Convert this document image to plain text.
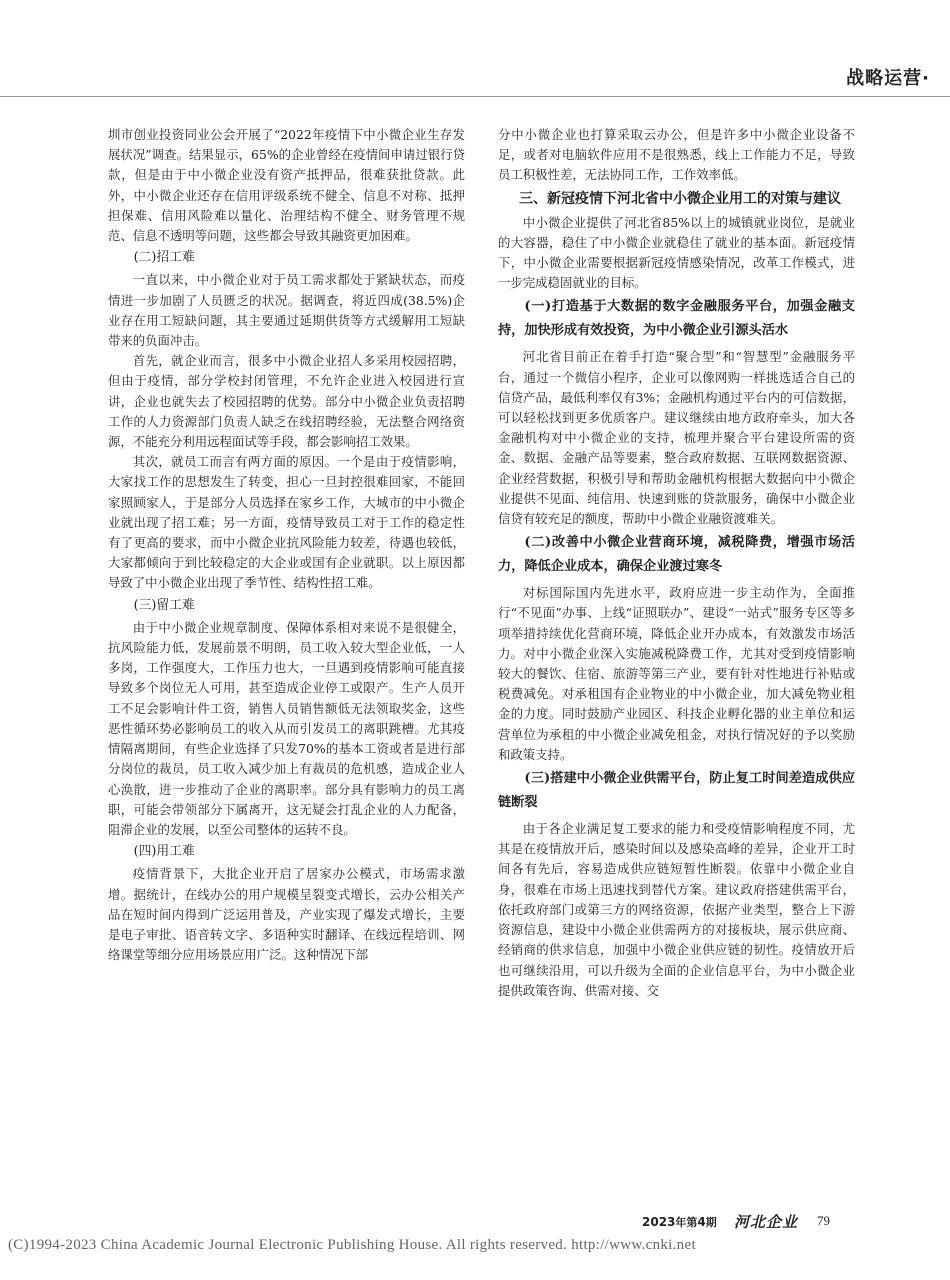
战略运营·

圳市创业投资同业公会开展了“2022年疫情下中小微企业生存发展状况”调查。结果显示，65%的企业曾经在疫情间申请过银行贷款，但是由于中小微企业没有资产抵押品，很难获批贷款。此外，中小微企业还存在信用评级系统不健全、信息不对称、抵押担保难、信用风险难以量化、治理结构不健全、财务管理不规范、信息不透明等问题，这些都会导致其融资更加困难。

(二)招工难

一直以来，中小微企业对于员工需求都处于紧缺状态，而疫情进一步加剧了人员匮乏的状况。据调查，将近四成(38.5%)企业存在用工短缺问题，其主要通过延期供货等方式缓解用工短缺带来的负面冲击。

首先，就企业而言，很多中小微企业招人多采用校园招聘，但由于疫情，部分学校封闭管理，不允许企业进入校园进行宣讲，企业也就失去了校园招聘的优势。部分中小微企业负责招聘工作的人力资源部门负责人缺乏在线招聘经验，无法整合网络资源，不能充分利用远程面试等手段，都会影响招工效果。

其次，就员工而言有两方面的原因。一个是由于疫情影响，大家找工作的思想发生了转变，担心一旦封控很难回家，不能回家照顾家人，于是部分人员选择在家乡工作，大城市的中小微企业就出现了招工难；另一方面，疫情导致员工对于工作的稳定性有了更高的要求，而中小微企业抗风险能力较差，待遇也较低，大家都倾向于到比较稳定的大企业或国有企业就职。以上原因都导致了中小微企业出现了季节性、结构性招工难。

(三)留工难

由于中小微企业规章制度、保障体系相对来说不是很健全，抗风险能力低，发展前景不明朗，员工收入较大型企业低，一人多岗，工作强度大，工作压力也大，一旦遇到疫情影响可能直接导致多个岗位无人可用，甚至造成企业停工或限产。生产人员开工不足会影响计件工资，销售人员销售额低无法领取奖金，这些恶性循环势必影响员工的收入从而引发员工的离职跳槽。尤其疫情隔离期间，有些企业选择了只发70%的基本工资或者是进行部分岗位的裁员，员工收入减少加上有裁员的危机感，造成企业人心涣散，进一步推动了企业的离职率。部分具有影响力的员工离职，可能会带领部分下属离开，这无疑会打乱企业的人力配备，阻滞企业的发展，以至公司整体的运转不良。

(四)用工难

疫情背景下，大批企业开启了居家办公模式，市场需求激增。据统计，在线办公的用户规模呈裂变式增长，云办公相关产品在短时间内得到广泛运用普及，产业实现了爆发式增长，主要是电子审批、语音转文字、多语种实时翻译、在线远程培训、网络课堂等细分应用场景应用广泛。这种情况下部

分中小微企业也打算采取云办公，但是许多中小微企业设备不足，或者对电脑软件应用不是很熟悉，线上工作能力不足，导致员工积极性差，无法协同工作，工作效率低。

三、新冠疫情下河北省中小微企业用工的对策与建议

中小微企业提供了河北省85%以上的城镇就业岗位，是就业的大容器，稳住了中小微企业就稳住了就业的基本面。新冠疫情下，中小微企业需要根据新冠疫情感染情况，改革工作模式，进一步完成稳固就业的目标。

(一)打造基于大数据的数字金融服务平台，加强金融支持，加快形成有效投资，为中小微企业引源头活水

河北省目前正在着手打造“聚合型”和“智慧型”金融服务平台，通过一个微信小程序，企业可以像网购一样挑选适合自己的信贷产品，最低利率仅有3%；金融机构通过平台内的可信数据，可以轻松找到更多优质客户。建议继续由地方政府牵头，加大各金融机构对中小微企业的支持，梳理并聚合平台建设所需的资金、数据、金融产品等要素，整合政府数据、互联网数据资源、企业经营数据，积极引导和帮助金融机构根据大数据向中小微企业提供不见面、纯信用、快速到账的贷款服务，确保中小微企业信贷有较充足的额度，帮助中小微企业融资渡难关。

(二)改善中小微企业营商环境，减税降费，增强市场活力，降低企业成本，确保企业渡过寒冬

对标国际国内先进水平，政府应进一步主动作为，全面推行“不见面”办事、上线“证照联办”、建设“一站式”服务专区等多项举措持续优化营商环境，降低企业开办成本，有效激发市场活力。对中小微企业深入实施减税降费工作，尤其对受到疫情影响较大的餐饮、住宿、旅游等第三产业，要有针对性地进行补贴或税费减免。对承租国有企业物业的中小微企业，加大减免物业租金的力度。同时鼓励产业园区、科技企业孵化器的业主单位和运营单位为承租的中小微企业减免租金，对执行情况好的予以奖励和政策支持。

(三)搭建中小微企业供需平台，防止复工时间差造成供应链断裂

由于各企业满足复工要求的能力和受疫情影响程度不同，尤其是在疫情放开后，感染时间以及感染高峰的差异，企业开工时间各有先后，容易造成供应链短暂性断裂。依靠中小微企业自身，很难在市场上迅速找到替代方案。建议政府搭建供需平台，依托政府部门或第三方的网络资源，依据产业类型，整合上下游资源信息，建设中小微企业供需两方的对接板块，展示供应商、经销商的供求信息，加强中小微企业供应链的韧性。疫情放开后也可继续沿用，可以升级为全面的企业信息平台，为中小微企业提供政策咨询、供需对接、交

2023年第4期 河北企业 79
(C)1994-2023 China Academic Journal Electronic Publishing House. All rights reserved. http://www.cnki.net
